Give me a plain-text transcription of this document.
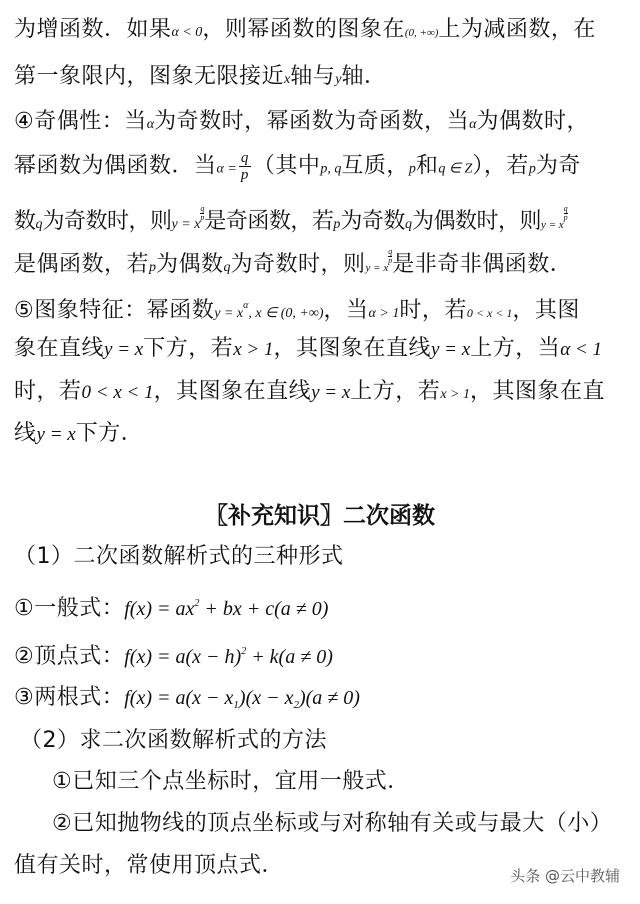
为增函数．如果α < 0，则幂函数的图象在(0, +∞)上为减函数，在
第一象限内，图象无限接近x轴与y轴．
④奇偶性：当α为奇数时，幂函数为奇函数，当α为偶数时，
幂函数为偶函数．当$\alpha = \frac{q}{p}$ （其中p, q互质，p和q ∈ Z），若p为奇
数q为奇数时，则y = x
$\frac{q}{p}$ 是奇函数，若p为奇数q为偶数时，则y = x
$\frac{q}{p}$
是偶函数，若p为偶数q为奇数时，则y = x
$\frac{q}{p}$ 是非奇非偶函数．
⑤图象特征：幂函数$y = x^\alpha$, x ∈ (0, +∞)，当α > 1时，若0 < x < 1，其图
象在直线y = x下方，若x > 1，其图象在直线y = x上方，当α < 1
时，若0 < x < 1，其图象在直线y = x上方，若x > 1，其图象在直
线y = x下方．
〖补充知识〗二次函数
（1）二次函数解析式的三种形式
①一般式：$f(x) = ax^2$ + bx + c(a ≠ 0)
②顶点式：$f(x) = a(x - h)^2 + k(a \ne 0)$
③两根式：$f(x) = a(x - x_1)(x - x_2)(a \ne 0)$
（2）求二次函数解析式的方法
①已知三个点坐标时，宜用一般式．
②已知抛物线的顶点坐标或与对称轴有关或与最大（小）
值有关时，常使用顶点式．	头条 @云中教辅
